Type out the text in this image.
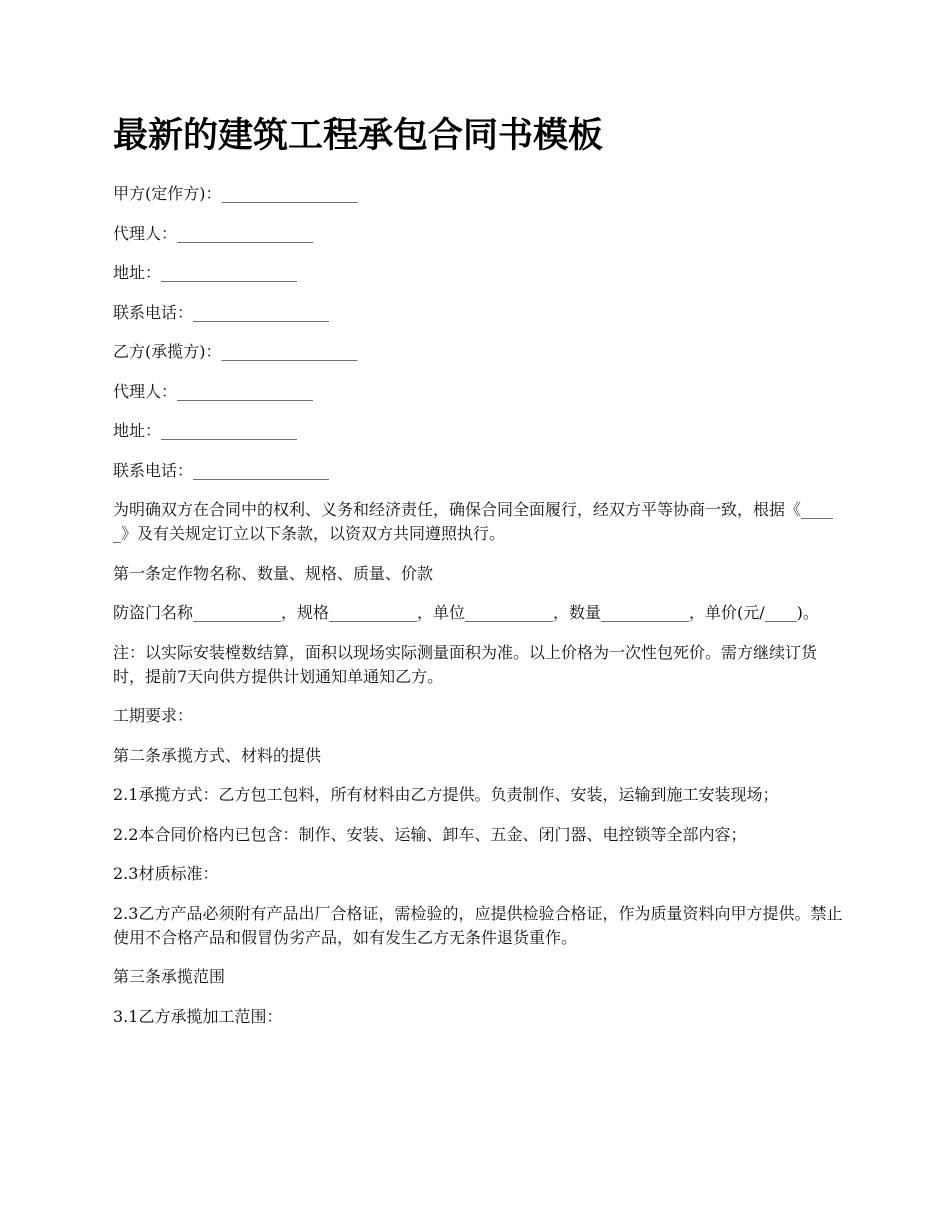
最新的建筑工程承包合同书模板

甲方(定作方)：_________________

代理人：_________________

地址：_________________

联系电话：_________________

乙方(承揽方)：_________________

代理人：_________________

地址：_________________

联系电话：_________________

为明确双方在合同中的权利、义务和经济责任，确保合同全面履行，经双方平等协商一致，根据《_____》及有关规定订立以下条款，以资双方共同遵照执行。

第一条定作物名称、数量、规格、质量、价款

防盗门名称___________，规格___________，单位___________，数量___________，单价(元/____)。

注：以实际安装樘数结算，面积以现场实际测量面积为准。以上价格为一次性包死价。需方继续订货时，提前7天向供方提供计划通知单通知乙方。

工期要求：

第二条承揽方式、材料的提供

2.1承揽方式：乙方包工包料，所有材料由乙方提供。负责制作、安装，运输到施工安装现场；

2.2本合同价格内已包含：制作、安装、运输、卸车、五金、闭门器、电控锁等全部内容；

2.3材质标准：

2.3乙方产品必须附有产品出厂合格证，需检验的，应提供检验合格证，作为质量资料向甲方提供。禁止使用不合格产品和假冒伪劣产品，如有发生乙方无条件退货重作。

第三条承揽范围

3.1乙方承揽加工范围：
